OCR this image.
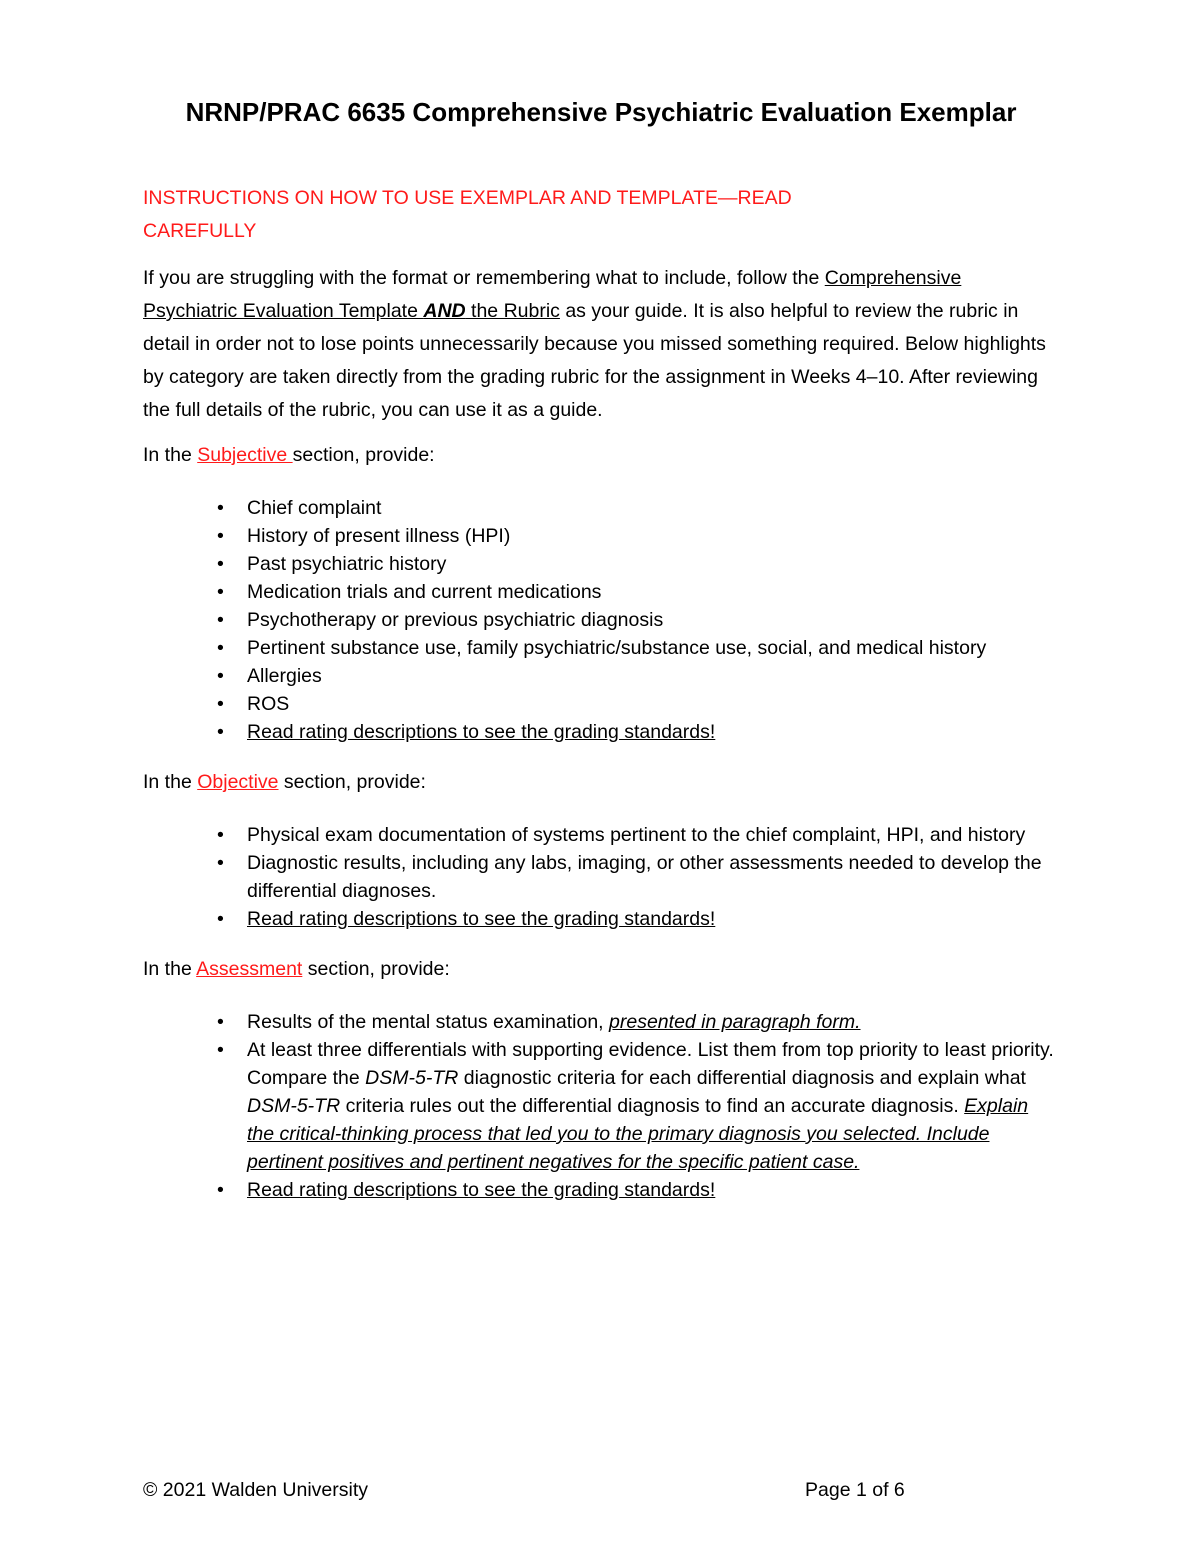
NRNP/PRAC 6635 Comprehensive Psychiatric Evaluation Exemplar

INSTRUCTIONS ON HOW TO USE EXEMPLAR AND TEMPLATE—READ
CAREFULLY

If you are struggling with the format or remembering what to include, follow the Comprehensive Psychiatric Evaluation Template AND the Rubric as your guide. It is also helpful to review the rubric in detail in order not to lose points unnecessarily because you missed something required. Below highlights by category are taken directly from the grading rubric for the assignment in Weeks 4–10. After reviewing the full details of the rubric, you can use it as a guide.

In the Subjective section, provide:

• Chief complaint
• History of present illness (HPI)
• Past psychiatric history
• Medication trials and current medications
• Psychotherapy or previous psychiatric diagnosis
• Pertinent substance use, family psychiatric/substance use, social, and medical history
• Allergies
• ROS
• Read rating descriptions to see the grading standards!

In the Objective section, provide:

• Physical exam documentation of systems pertinent to the chief complaint, HPI, and history
• Diagnostic results, including any labs, imaging, or other assessments needed to develop the differential diagnoses.
• Read rating descriptions to see the grading standards!

In the Assessment section, provide:

• Results of the mental status examination, presented in paragraph form.
• At least three differentials with supporting evidence. List them from top priority to least priority. Compare the DSM-5-TR diagnostic criteria for each differential diagnosis and explain what DSM-5-TR criteria rules out the differential diagnosis to find an accurate diagnosis. Explain the critical-thinking process that led you to the primary diagnosis you selected. Include pertinent positives and pertinent negatives for the specific patient case.
• Read rating descriptions to see the grading standards!
© 2021 Walden University	Page 1 of 6
